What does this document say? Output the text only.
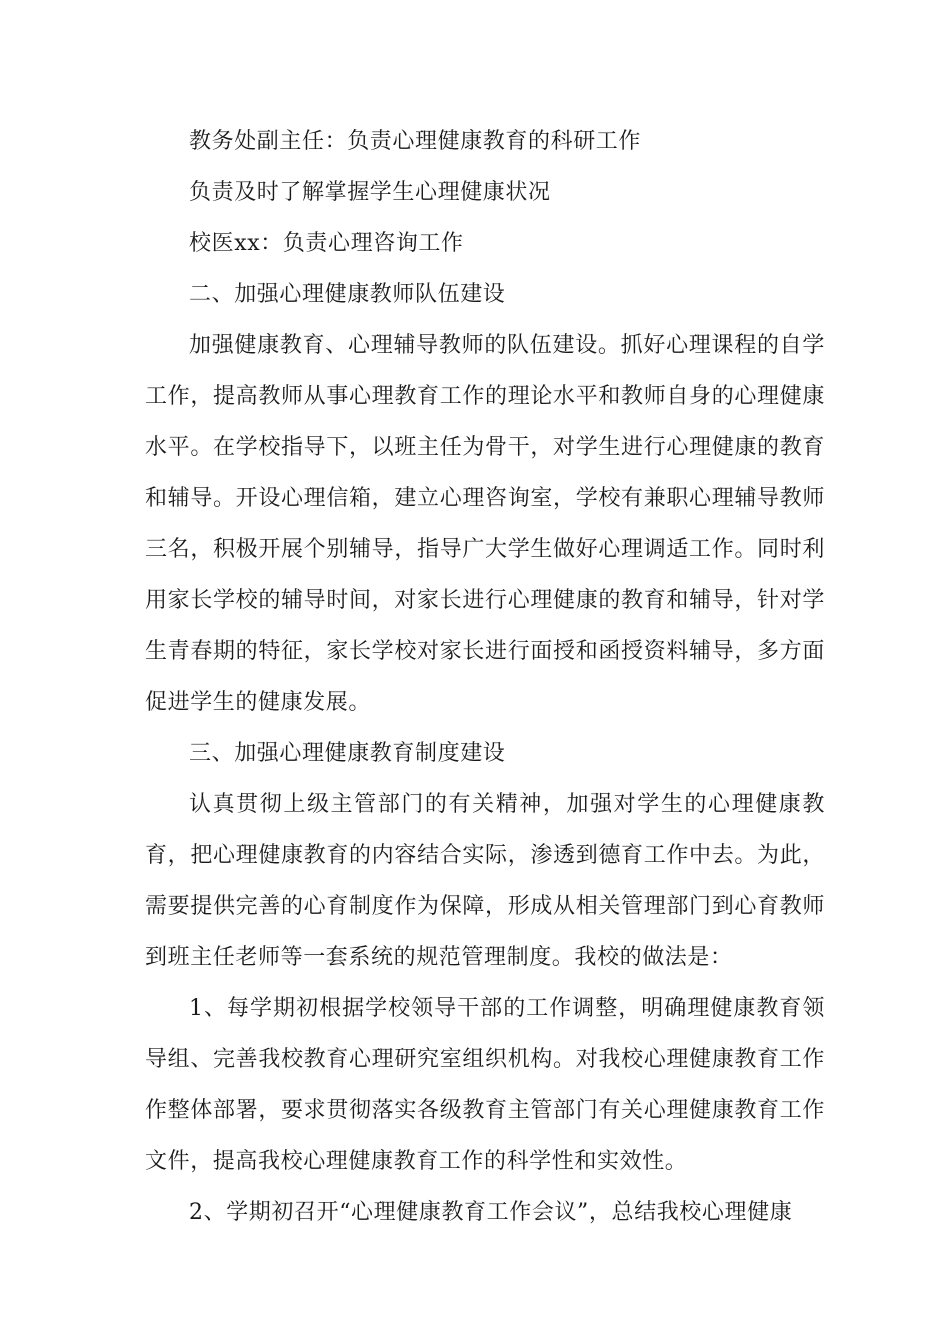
教务处副主任：负责心理健康教育的科研工作

负责及时了解掌握学生心理健康状况

校医xx：负责心理咨询工作

二、加强心理健康教师队伍建设

加强健康教育、心理辅导教师的队伍建设。抓好心理课程的自学工作，提高教师从事心理教育工作的理论水平和教师自身的心理健康水平。在学校指导下，以班主任为骨干，对学生进行心理健康的教育和辅导。开设心理信箱，建立心理咨询室，学校有兼职心理辅导教师三名，积极开展个别辅导，指导广大学生做好心理调适工作。同时利用家长学校的辅导时间，对家长进行心理健康的教育和辅导，针对学生青春期的特征，家长学校对家长进行面授和函授资料辅导，多方面促进学生的健康发展。

三、加强心理健康教育制度建设

认真贯彻上级主管部门的有关精神，加强对学生的心理健康教育，把心理健康教育的内容结合实际，渗透到德育工作中去。为此，需要提供完善的心育制度作为保障，形成从相关管理部门到心育教师到班主任老师等一套系统的规范管理制度。我校的做法是：

1、每学期初根据学校领导干部的工作调整，明确理健康教育领导组、完善我校教育心理研究室组织机构。对我校心理健康教育工作作整体部署，要求贯彻落实各级教育主管部门有关心理健康教育工作文件，提高我校心理健康教育工作的科学性和实效性。

2、学期初召开“心理健康教育工作会议”，总结我校心理健康
